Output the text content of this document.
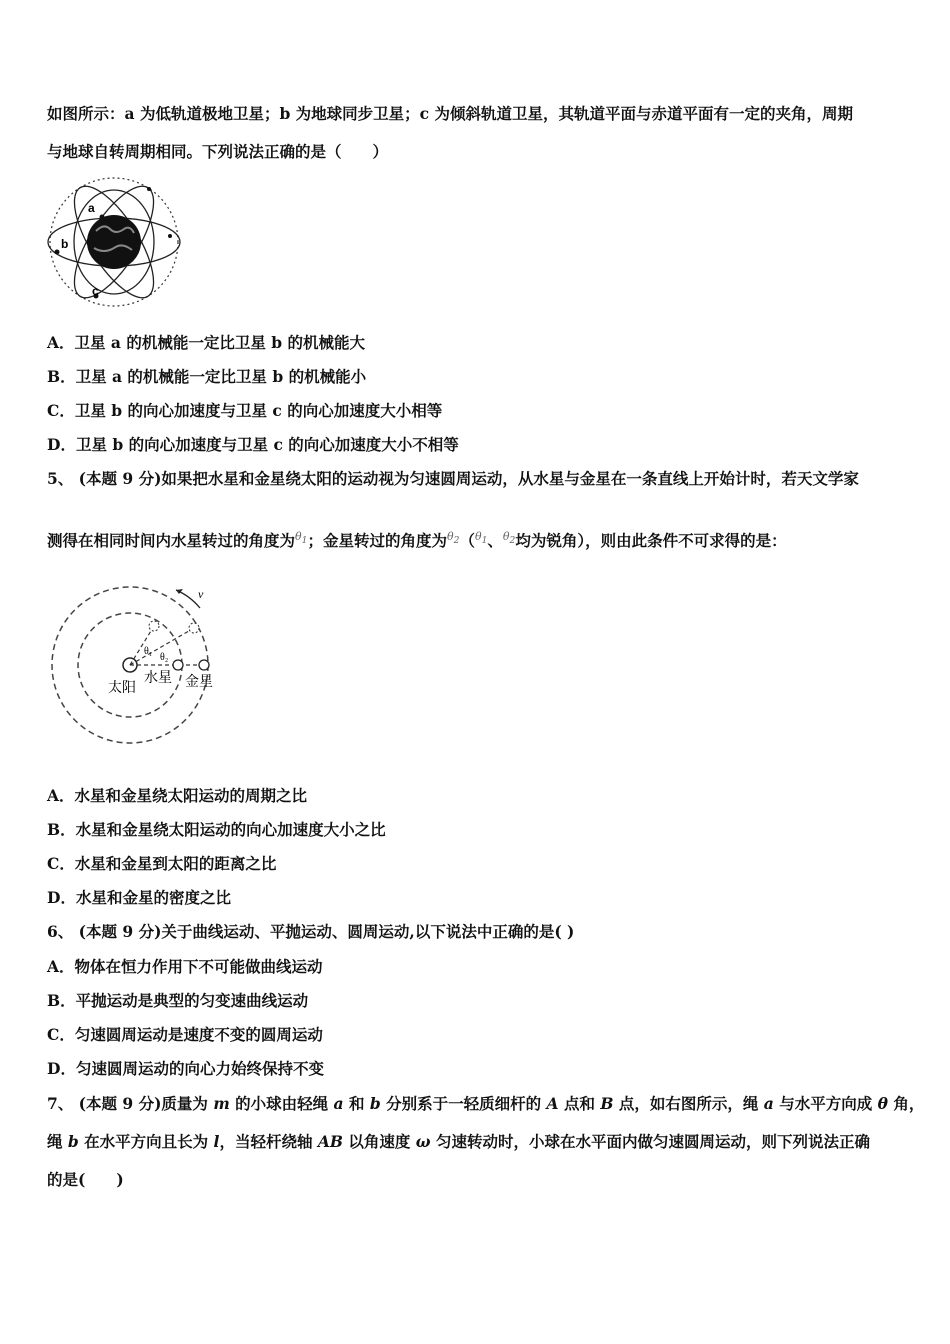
如图所示：a 为低轨道极地卫星；b 为地球同步卫星；c 为倾斜轨道卫星，其轨道平面与赤道平面有一定的夹角，周期
与地球自转周期相同。下列说法正确的是（　　）
a
b
c
A．卫星 a 的机械能一定比卫星 b 的机械能大
B．卫星 a 的机械能一定比卫星 b 的机械能小
C．卫星 b 的向心加速度与卫星 c 的向心加速度大小相等
D．卫星 b 的向心加速度与卫星 c 的向心加速度大小不相等
5、 (本题 9 分)如果把水星和金星绕太阳的运动视为匀速圆周运动，从水星与金星在一条直线上开始计时，若天文学家
测得在相同时间内水星转过的角度为$^{\theta_1}$；金星转过的角度为$^{\theta_2}$（$^{\theta_1}$、$^{\theta_2}$均为锐角），则由此条件不可求得的是：
v
θ₁
θ₂
太阳
水星 金星
A．水星和金星绕太阳运动的周期之比
B．水星和金星绕太阳运动的向心加速度大小之比
C．水星和金星到太阳的距离之比
D．水星和金星的密度之比
6、 (本题 9 分)关于曲线运动、平抛运动、圆周运动,以下说法中正确的是( )
A．物体在恒力作用下不可能做曲线运动
B．平抛运动是典型的匀变速曲线运动
C．匀速圆周运动是速度不变的圆周运动
D．匀速圆周运动的向心力始终保持不变
7、 (本题 9 分)质量为 m 的小球由轻绳 a 和 b 分别系于一轻质细杆的 A 点和 B 点，如右图所示，绳 a 与水平方向成 θ 角，
绳 b 在水平方向且长为 l，当轻杆绕轴 AB 以角速度 ω 匀速转动时，小球在水平面内做匀速圆周运动，则下列说法正确
的是(　　)
